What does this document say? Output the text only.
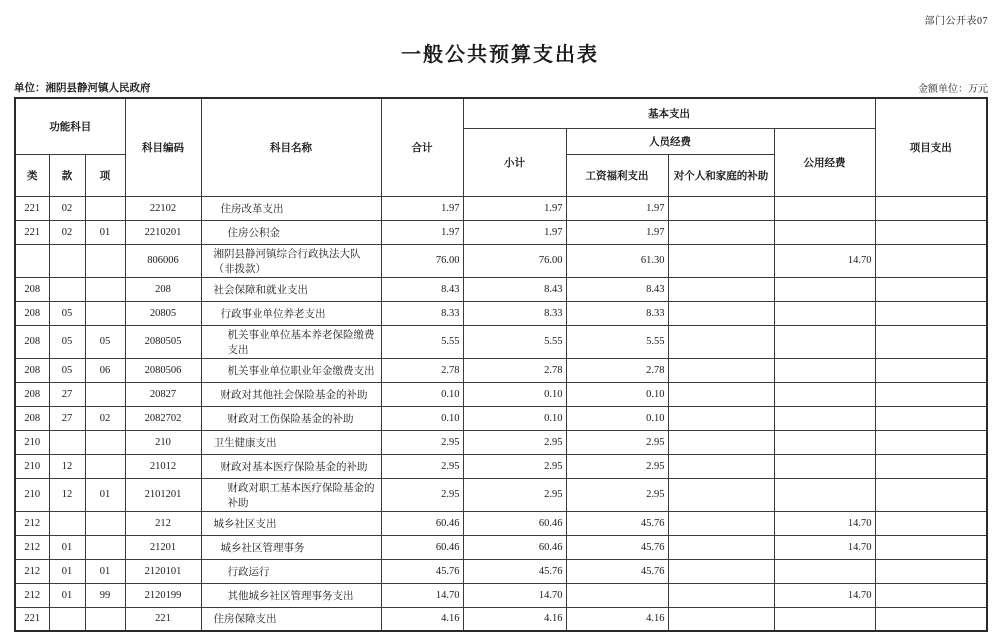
部门公开表07
一般公共预算支出表
单位：湘阴县静河镇人民政府	金额单位：万元
功能科目			科目编码	科目名称	合计	基本支出				项目支出
						小计	人员经费		公用经费	
类	款	项					工资福利支出	对个人和家庭的补助		
221	02		22102	住房改革支出	1.97	1.97	1.97			
221	02	01	2210201	住房公积金	1.97	1.97	1.97			
			806006	湘阴县静河镇综合行政执法大队（非拨款）	76.00	76.00	61.30		14.70	
208			208	社会保障和就业支出	8.43	8.43	8.43			
208	05		20805	行政事业单位养老支出	8.33	8.33	8.33			
208	05	05	2080505	机关事业单位基本养老保险缴费支出	5.55	5.55	5.55			
208	05	06	2080506	机关事业单位职业年金缴费支出	2.78	2.78	2.78			
208	27		20827	财政对其他社会保险基金的补助	0.10	0.10	0.10			
208	27	02	2082702	财政对工伤保险基金的补助	0.10	0.10	0.10			
210			210	卫生健康支出	2.95	2.95	2.95			
210	12		21012	财政对基本医疗保险基金的补助	2.95	2.95	2.95			
210	12	01	2101201	财政对职工基本医疗保险基金的补助	2.95	2.95	2.95			
212			212	城乡社区支出	60.46	60.46	45.76		14.70	
212	01		21201	城乡社区管理事务	60.46	60.46	45.76		14.70	
212	01	01	2120101	行政运行	45.76	45.76	45.76			
212	01	99	2120199	其他城乡社区管理事务支出	14.70	14.70			14.70	
221			221	住房保障支出	4.16	4.16	4.16			
